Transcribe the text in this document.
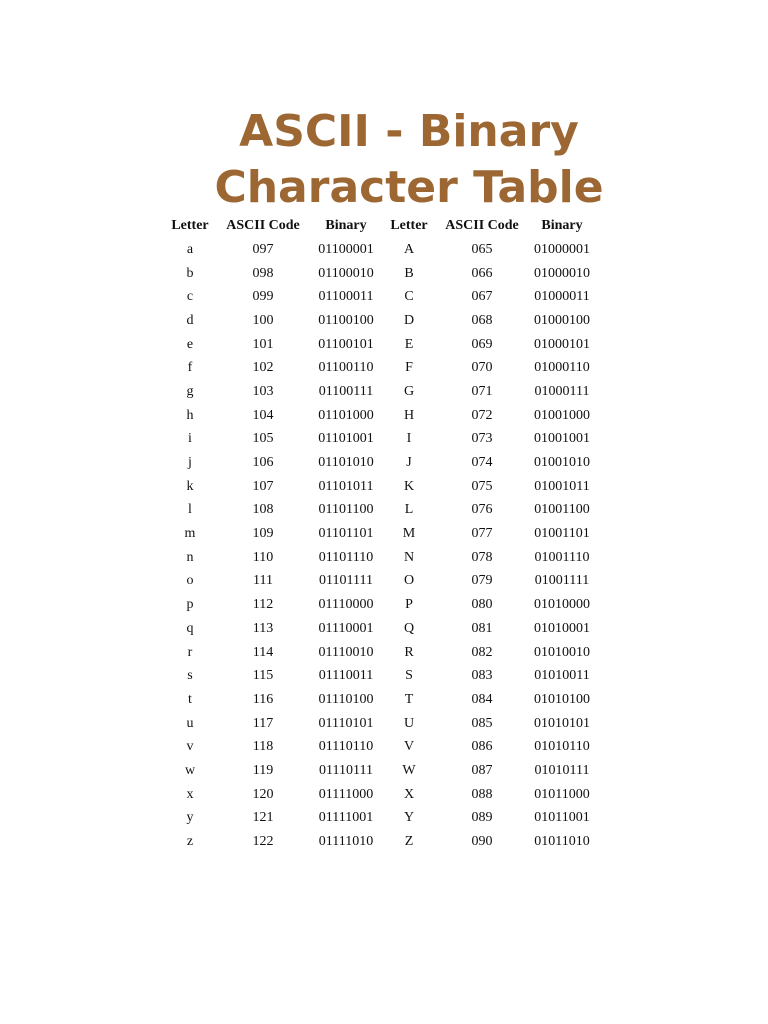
ASCII - Binary
Character Table
Letter	ASCII Code	Binary	Letter	ASCII Code	Binary
a	097	01100001	A	065	01000001
b	098	01100010	B	066	01000010
c	099	01100011	C	067	01000011
d	100	01100100	D	068	01000100
e	101	01100101	E	069	01000101
f	102	01100110	F	070	01000110
g	103	01100111	G	071	01000111
h	104	01101000	H	072	01001000
i	105	01101001	I	073	01001001
j	106	01101010	J	074	01001010
k	107	01101011	K	075	01001011
l	108	01101100	L	076	01001100
m	109	01101101	M	077	01001101
n	110	01101110	N	078	01001110
o	111	01101111	O	079	01001111
p	112	01110000	P	080	01010000
q	113	01110001	Q	081	01010001
r	114	01110010	R	082	01010010
s	115	01110011	S	083	01010011
t	116	01110100	T	084	01010100
u	117	01110101	U	085	01010101
v	118	01110110	V	086	01010110
w	119	01110111	W	087	01010111
x	120	01111000	X	088	01011000
y	121	01111001	Y	089	01011001
z	122	01111010	Z	090	01011010
